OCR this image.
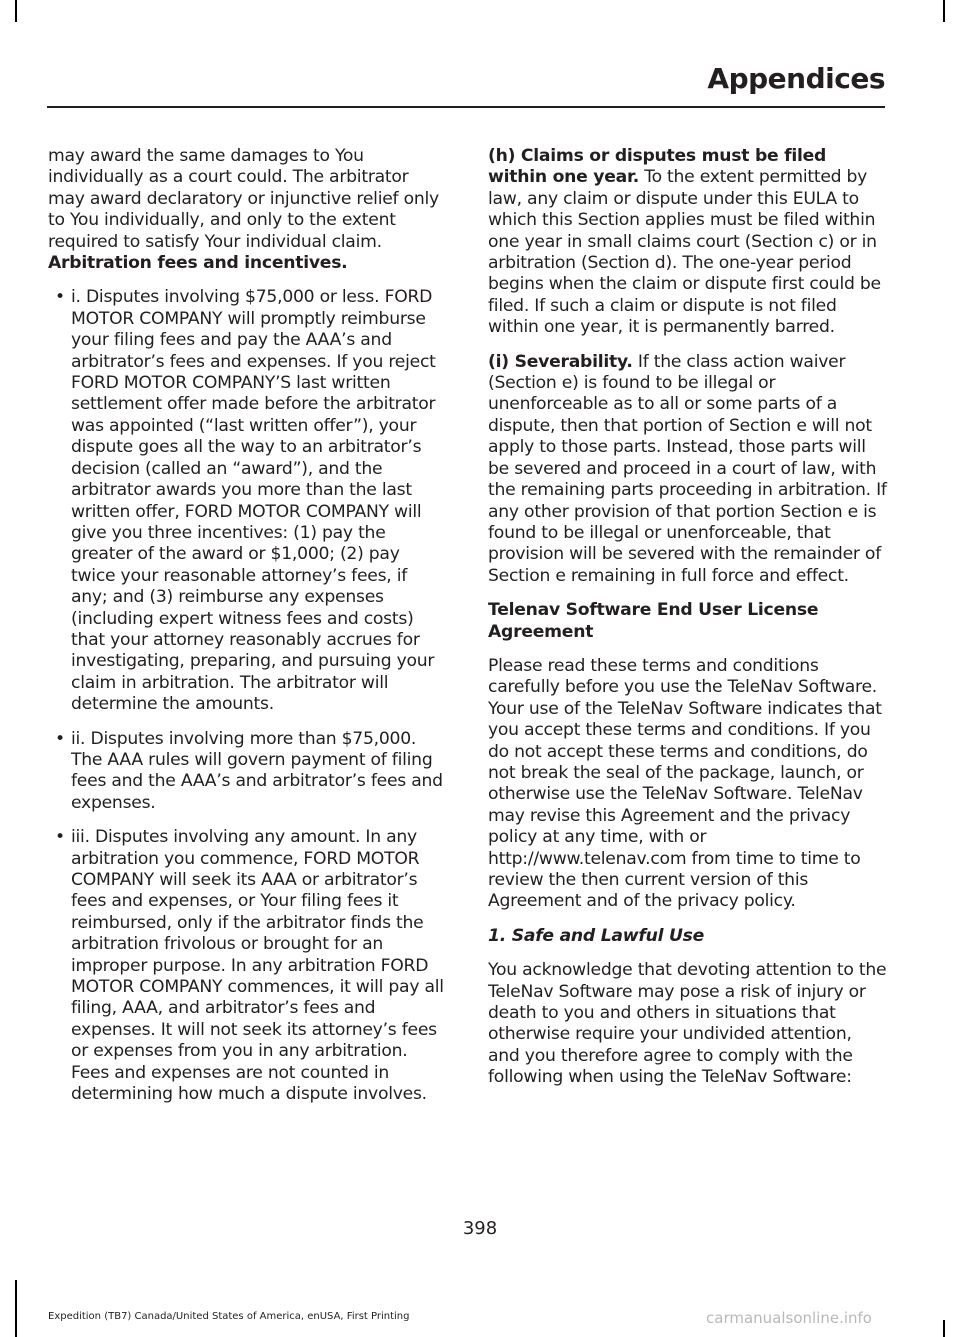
Appendices

may award the same damages to You individually as a court could. The arbitrator may award declaratory or injunctive relief only to You individually, and only to the extent required to satisfy Your individual claim. Arbitration fees and incentives.

• i. Disputes involving $75,000 or less. FORD MOTOR COMPANY will promptly reimburse your filing fees and pay the AAA’s and arbitrator’s fees and expenses. If you reject FORD MOTOR COMPANY’S last written settlement offer made before the arbitrator was appointed (“last written offer”), your dispute goes all the way to an arbitrator’s decision (called an “award”), and the arbitrator awards you more than the last written offer, FORD MOTOR COMPANY will give you three incentives: (1) pay the greater of the award or $1,000; (2) pay twice your reasonable attorney’s fees, if any; and (3) reimburse any expenses (including expert witness fees and costs) that your attorney reasonably accrues for investigating, preparing, and pursuing your claim in arbitration. The arbitrator will determine the amounts.
• ii. Disputes involving more than $75,000. The AAA rules will govern payment of filing fees and the AAA’s and arbitrator’s fees and expenses.
• iii. Disputes involving any amount. In any arbitration you commence, FORD MOTOR COMPANY will seek its AAA or arbitrator’s fees and expenses, or Your filing fees it reimbursed, only if the arbitrator finds the arbitration frivolous or brought for an improper purpose. In any arbitration FORD MOTOR COMPANY commences, it will pay all filing, AAA, and arbitrator’s fees and expenses. It will not seek its attorney’s fees or expenses from you in any arbitration. Fees and expenses are not counted in determining how much a dispute involves.

(h) Claims or disputes must be filed within one year. To the extent permitted by law, any claim or dispute under this EULA to which this Section applies must be filed within one year in small claims court (Section c) or in arbitration (Section d). The one-year period begins when the claim or dispute first could be filed. If such a claim or dispute is not filed within one year, it is permanently barred.

(i) Severability. If the class action waiver (Section e) is found to be illegal or unenforceable as to all or some parts of a dispute, then that portion of Section e will not apply to those parts. Instead, those parts will be severed and proceed in a court of law, with the remaining parts proceeding in arbitration. If any other provision of that portion Section e is found to be illegal or unenforceable, that provision will be severed with the remainder of Section e remaining in full force and effect.

Telenav Software End User License Agreement

Please read these terms and conditions carefully before you use the TeleNav Software. Your use of the TeleNav Software indicates that you accept these terms and conditions. If you do not accept these terms and conditions, do not break the seal of the package, launch, or otherwise use the TeleNav Software. TeleNav may revise this Agreement and the privacy policy at any time, with or http://www.telenav.com from time to time to review the then current version of this Agreement and of the privacy policy.

1. Safe and Lawful Use

You acknowledge that devoting attention to the TeleNav Software may pose a risk of injury or death to you and others in situations that otherwise require your undivided attention, and you therefore agree to comply with the following when using the TeleNav Software:

398
Expedition (TB7) Canada/United States of America, enUSA, First Printing	carmanualsonline.info
